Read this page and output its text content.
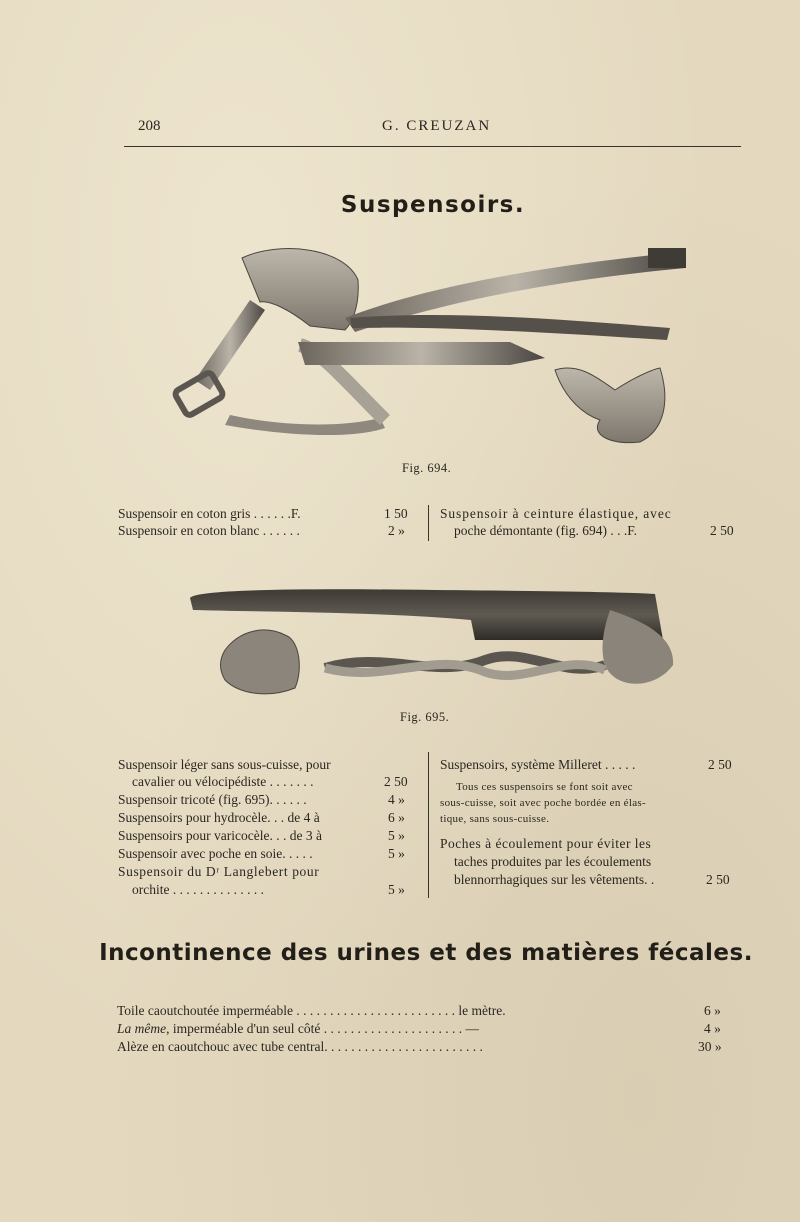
208	G. CREUZAN
Suspensoirs.
Fig. 694.
Suspensoir en coton gris . . . . . .F.	1 50
Suspensoir en coton blanc . . . . . .	2 »
Suspensoir à ceinture élastique, avec
poche démontante (fig. 694) . . .F.	2 50
Fig. 695.
Suspensoir léger sans sous-cuisse, pour
cavalier ou vélocipédiste . . . . . . .	2 50
Suspensoir tricoté (fig. 695). . . . . .	4 »
Suspensoirs pour hydrocèle. . . de 4 à	6 »
Suspensoirs pour varicocèle. . . de 3 à	5 »
Suspensoir avec poche en soie. . . . .	5 »
Suspensoir du Dʳ Langlebert pour
orchite . . . . . . . . . . . . . .	5 »
Suspensoirs, système Milleret . . . . .	2 50
Tous ces suspensoirs se font soit avec
sous-cuisse, soit avec poche bordée en élas-
tique, sans sous-cuisse.
Poches à écoulement pour éviter les
taches produites par les écoulements
blennorrhagiques sur les vêtements. .	2 50
Incontinence des urines et des matières fécales.
Toile caoutchoutée imperméable . . . . . . . . . . . . . . . . . . . . . . . . le mètre.	6 »
La même, imperméable d'un seul côté . . . . . . . . . . . . . . . . . . . . . —	4 »
Alèze en caoutchouc avec tube central. . . . . . . . . . . . . . . . . . . . . . . .	30 »
